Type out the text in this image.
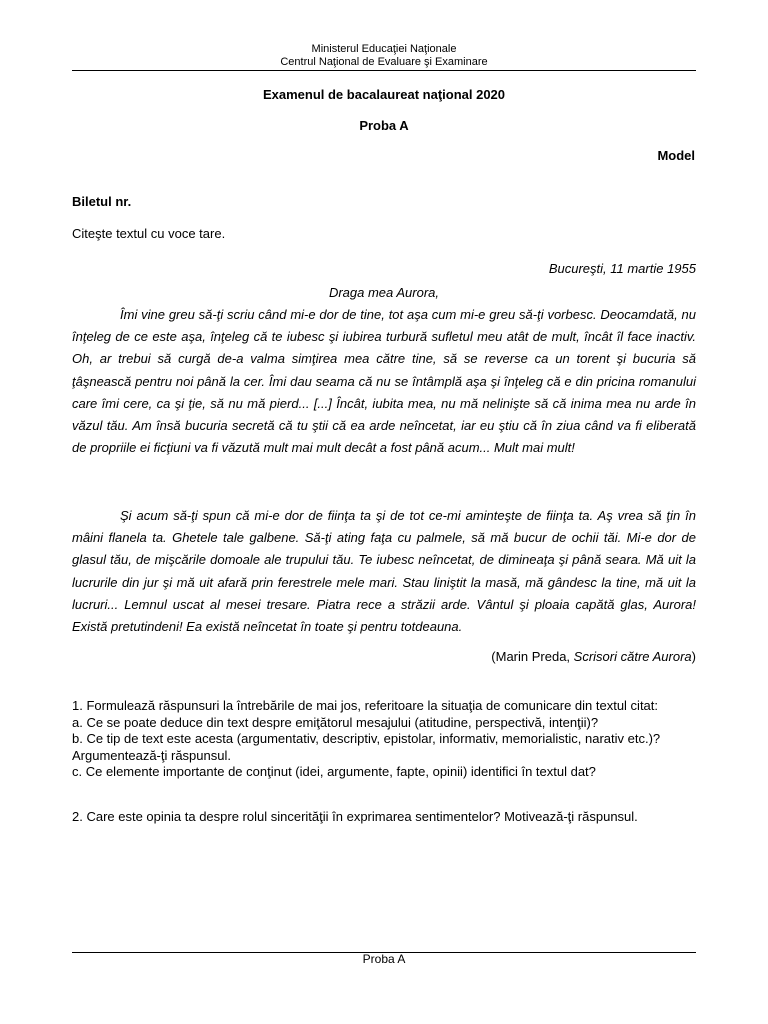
Ministerul Educaţiei Naţionale
Centrul Naţional de Evaluare şi Examinare
Examenul de bacalaureat naţional 2020
Proba A
Model
Biletul nr.
Citeşte textul cu voce tare.
Bucureşti, 11 martie 1955
Draga mea Aurora,

Îmi vine greu să-ţi scriu când mi-e dor de tine, tot aşa cum mi-e greu să-ţi vorbesc. Deocamdată, nu înţeleg de ce este aşa, înţeleg că te iubesc şi iubirea turbură sufletul meu atât de mult, încât îl face inactiv. Oh, ar trebui să curgă de-a valma simţirea mea către tine, să se reverse ca un torent şi bucuria să ţâşnească pentru noi până la cer. Îmi dau seama că nu se întâmplă aşa şi înţeleg că e din pricina romanului care îmi cere, ca şi ţie, să nu mă pierd... [...] Încât, iubita mea, nu mă nelinişte să că inima mea nu arde în văzul tău. Am însă bucuria secretă că tu ştii că ea arde neîncetat, iar eu ştiu că în ziua când va fi eliberată de propriile ei ficţiuni va fi văzută mult mai mult decât a fost până acum... Mult mai mult!

Şi acum să-ţi spun că mi-e dor de fiinţa ta şi de tot ce-mi aminteşte de fiinţa ta. Aş vrea să ţin în mâini flanela ta. Ghetele tale galbene. Să-ţi ating faţa cu palmele, să mă bucur de ochii tăi. Mi-e dor de glasul tău, de mişcările domoale ale trupului tău. Te iubesc neîncetat, de dimineaţa şi până seara. Mă uit la lucrurile din jur şi mă uit afară prin ferestrele mele mari. Stau liniştit la masă, mă gândesc la tine, mă uit la lucruri... Lemnul uscat al mesei tresare. Piatra rece a străzii arde. Vântul şi ploaia capătă glas, Aurora! Există pretutindeni! Ea există neîncetat în toate şi pentru totdeauna.

(Marin Preda, Scrisori către Aurora)
1. Formulează răspunsuri la întrebările de mai jos, referitoare la situaţia de comunicare din textul citat:
a. Ce se poate deduce din text despre emiţătorul mesajului (atitudine, perspectivă, intenţii)?
b. Ce tip de text este acesta (argumentativ, descriptiv, epistolar, informativ, memorialistic, narativ etc.)?
Argumentează-ţi răspunsul.
c. Ce elemente importante de conţinut (idei, argumente, fapte, opinii) identifici în textul dat?
2. Care este opinia ta despre rolul sincerităţii în exprimarea sentimentelor? Motivează-ţi răspunsul.
Proba A
